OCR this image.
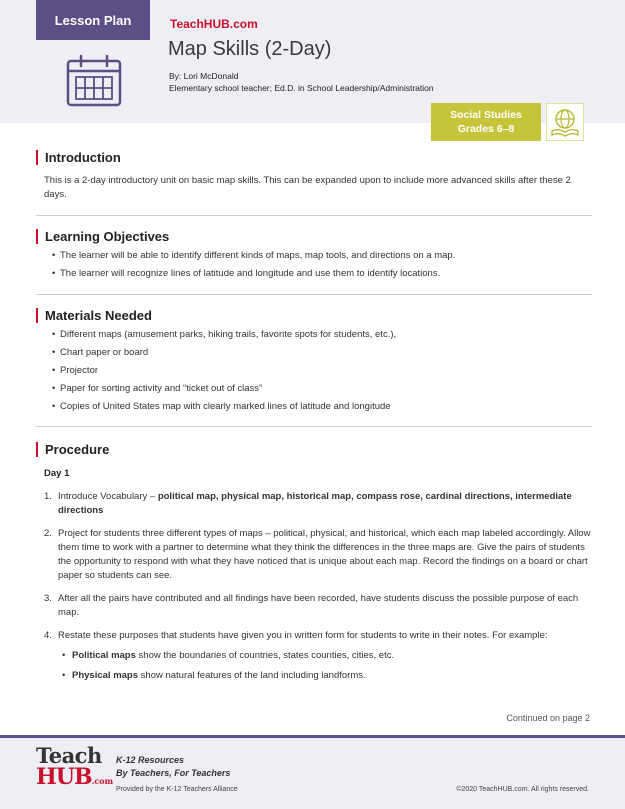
Lesson Plan	TeachHUB.com
Map Skills (2-Day)
By: Lori McDonald
Elementary school teacher; Ed.D. in School Leadership/Administration
Social Studies
Grades 6–8
Introduction

This is a 2-day introductory unit on basic map skills. This can be expanded upon to include more advanced skills after these 2 days.

Learning Objectives
• The learner will be able to identify different kinds of maps, map tools, and directions on a map.
• The learner will recognize lines of latitude and longitude and use them to identify locations.
Materials Needed
• Different maps (amusement parks, hiking trails, favorite spots for students, etc.),
• Chart paper or board
• Projector
• Paper for sorting activity and “ticket out of class”
• Copies of United States map with clearly marked lines of latitude and longitude
Procedure
Day 1
1. Introduce Vocabulary – political map, physical map, historical map, compass rose, cardinal directions, intermediate directions
2. Project for students three different types of maps – political, physical, and historical, which each map labeled accordingly. Allow them time to work with a partner to determine what they think the differences in the three maps are. Give the pairs of students the opportunity to respond with what they have noticed that is unique about each map. Record the findings on a board or chart paper so students can see.
3. After all the pairs have contributed and all findings have been recorded, have students discuss the possible purpose of each map.
4. Restate these purposes that students have given you in written form for students to write in their notes. For example:
• Political maps show the boundaries of countries, states counties, cities, etc.
• Physical maps show natural features of the land including landforms.
Continued on page 2
Teach
HUB.com
K-12 Resources
By Teachers, For Teachers
Provided by the K-12 Teachers Alliance	©2020 TeachHUB.com. All rights reserved.
